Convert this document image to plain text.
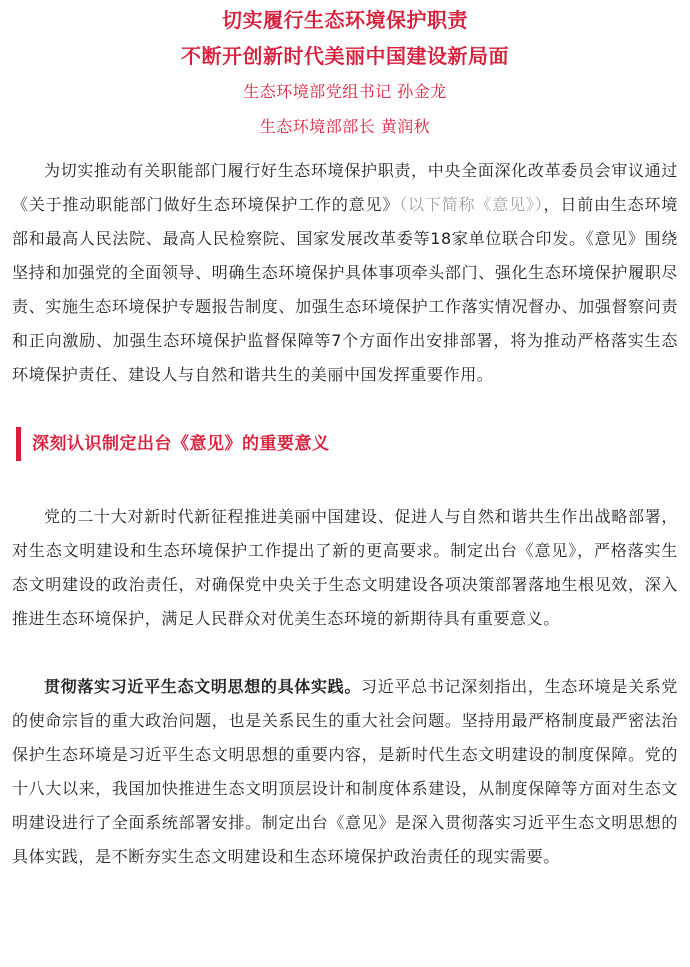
切实履行生态环境保护职责
不断开创新时代美丽中国建设新局面
生态环境部党组书记 孙金龙
生态环境部部长 黄润秋

为切实推动有关职能部门履行好生态环境保护职责，中央全面深化改革委员会审议通过《关于推动职能部门做好生态环境保护工作的意见》（以下简称《意见》），日前由生态环境部和最高人民法院、最高人民检察院、国家发展改革委等18家单位联合印发。《意见》围绕坚持和加强党的全面领导、明确生态环境保护具体事项牵头部门、强化生态环境保护履职尽责、实施生态环境保护专题报告制度、加强生态环境保护工作落实情况督办、加强督察问责和正向激励、加强生态环境保护监督保障等7个方面作出安排部署，将为推动严格落实生态环境保护责任、建设人与自然和谐共生的美丽中国发挥重要作用。

深刻认识制定出台《意见》的重要意义

党的二十大对新时代新征程推进美丽中国建设、促进人与自然和谐共生作出战略部署，对生态文明建设和生态环境保护工作提出了新的更高要求。制定出台《意见》，严格落实生态文明建设的政治责任，对确保党中央关于生态文明建设各项决策部署落地生根见效，深入推进生态环境保护，满足人民群众对优美生态环境的新期待具有重要意义。

贯彻落实习近平生态文明思想的具体实践。习近平总书记深刻指出，生态环境是关系党的使命宗旨的重大政治问题，也是关系民生的重大社会问题。坚持用最严格制度最严密法治保护生态环境是习近平生态文明思想的重要内容，是新时代生态文明建设的制度保障。党的十八大以来，我国加快推进生态文明顶层设计和制度体系建设，从制度保障等方面对生态文明建设进行了全面系统部署安排。制定出台《意见》是深入贯彻落实习近平生态文明思想的具体实践，是不断夯实生态文明建设和生态环境保护政治责任的现实需要。
